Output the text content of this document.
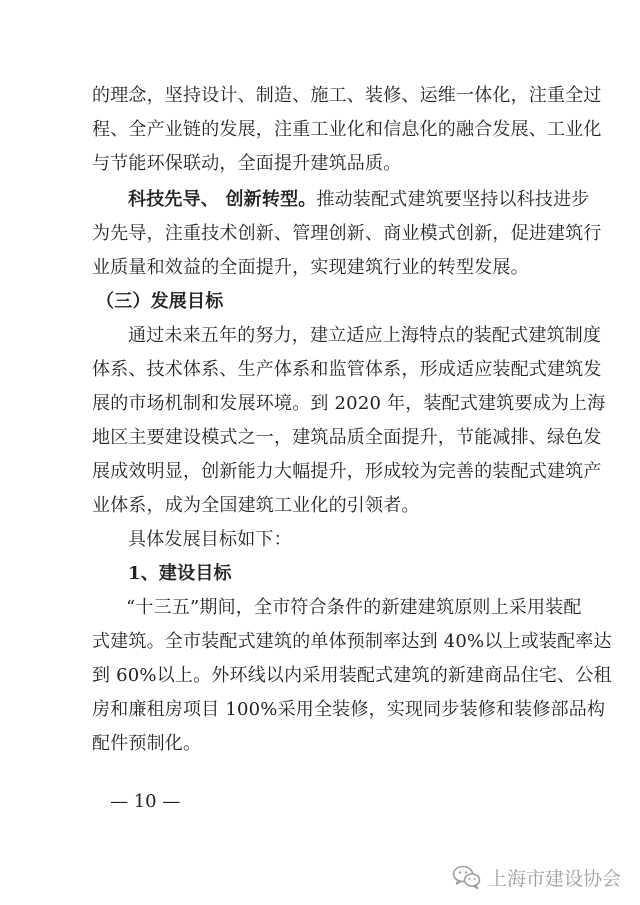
的理念，坚持设计、制造、施工、装修、运维一体化，注重全过
程、全产业链的发展，注重工业化和信息化的融合发展、工业化
与节能环保联动，全面提升建筑品质。
科技先导、 创新转型。推动装配式建筑要坚持以科技进步
为先导，注重技术创新、管理创新、商业模式创新，促进建筑行
业质量和效益的全面提升，实现建筑行业的转型发展。
（三）发展目标
通过未来五年的努力，建立适应上海特点的装配式建筑制度
体系、技术体系、生产体系和监管体系，形成适应装配式建筑发
展的市场机制和发展环境。到 2020 年，装配式建筑要成为上海
地区主要建设模式之一，建筑品质全面提升，节能减排、绿色发
展成效明显，创新能力大幅提升，形成较为完善的装配式建筑产
业体系，成为全国建筑工业化的引领者。
具体发展目标如下：
1、建设目标
“十三五”期间，全市符合条件的新建建筑原则上采用装配
式建筑。全市装配式建筑的单体预制率达到 40%以上或装配率达
到 60%以上。外环线以内采用装配式建筑的新建商品住宅、公租
房和廉租房项目 100%采用全装修，实现同步装修和装修部品构
配件预制化。
— 10 —
上海市建设协会
